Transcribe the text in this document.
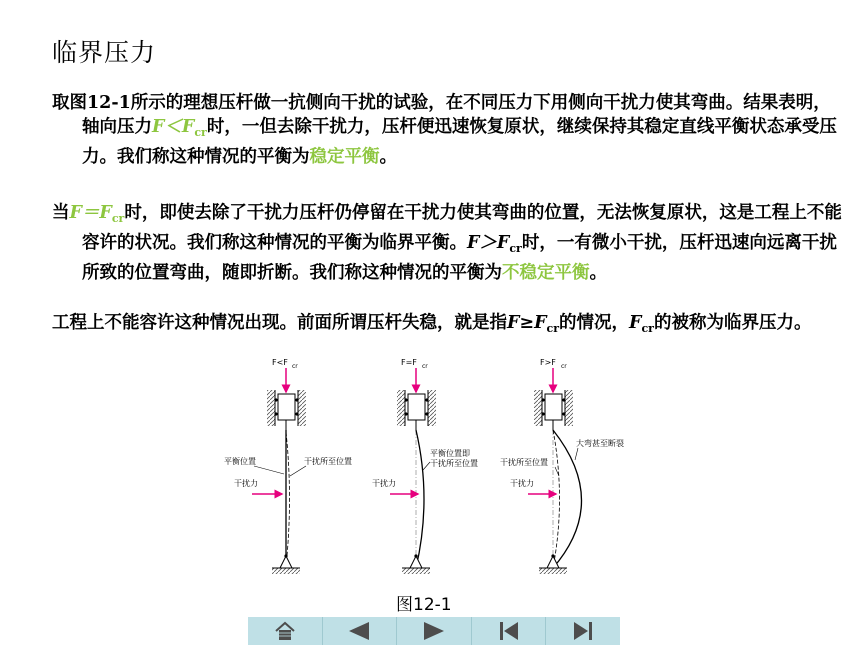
临界压力
取图12-1所示的理想压杆做一抗侧向干扰的试验，在不同压力下用侧向干扰力使其弯曲。结果表明，轴向压力$F<F_{cr}$时，一但去除干扰力，压杆便迅速恢复原状，继续保持其稳定直线平衡状态承受压力。我们称这种情况的平衡为稳定平衡。
当$F=F_{cr}$时，即使去除了干扰力压杆仍停留在干扰力使其弯曲的位置，无法恢复原状，这是工程上不能容许的状况。我们称这种情况的平衡为临界平衡。$F>F_{cr}$时，一有微小干扰，压杆迅速向远离干扰所致的位置弯曲，随即折断。我们称这种情况的平衡为不稳定平衡。
工程上不能容许这种情况出现。前面所谓压杆失稳，就是指$F\ge F_{cr}$的情况，$F_{cr}$的被称为临界压力。
F<F cr
平衡位置	干扰所至位置
干扰力
F=F cr
平衡位置即
干扰所至位置
干扰力
F>F cr
大弯甚至断裂
干扰所至位置
干扰力
图12-1
